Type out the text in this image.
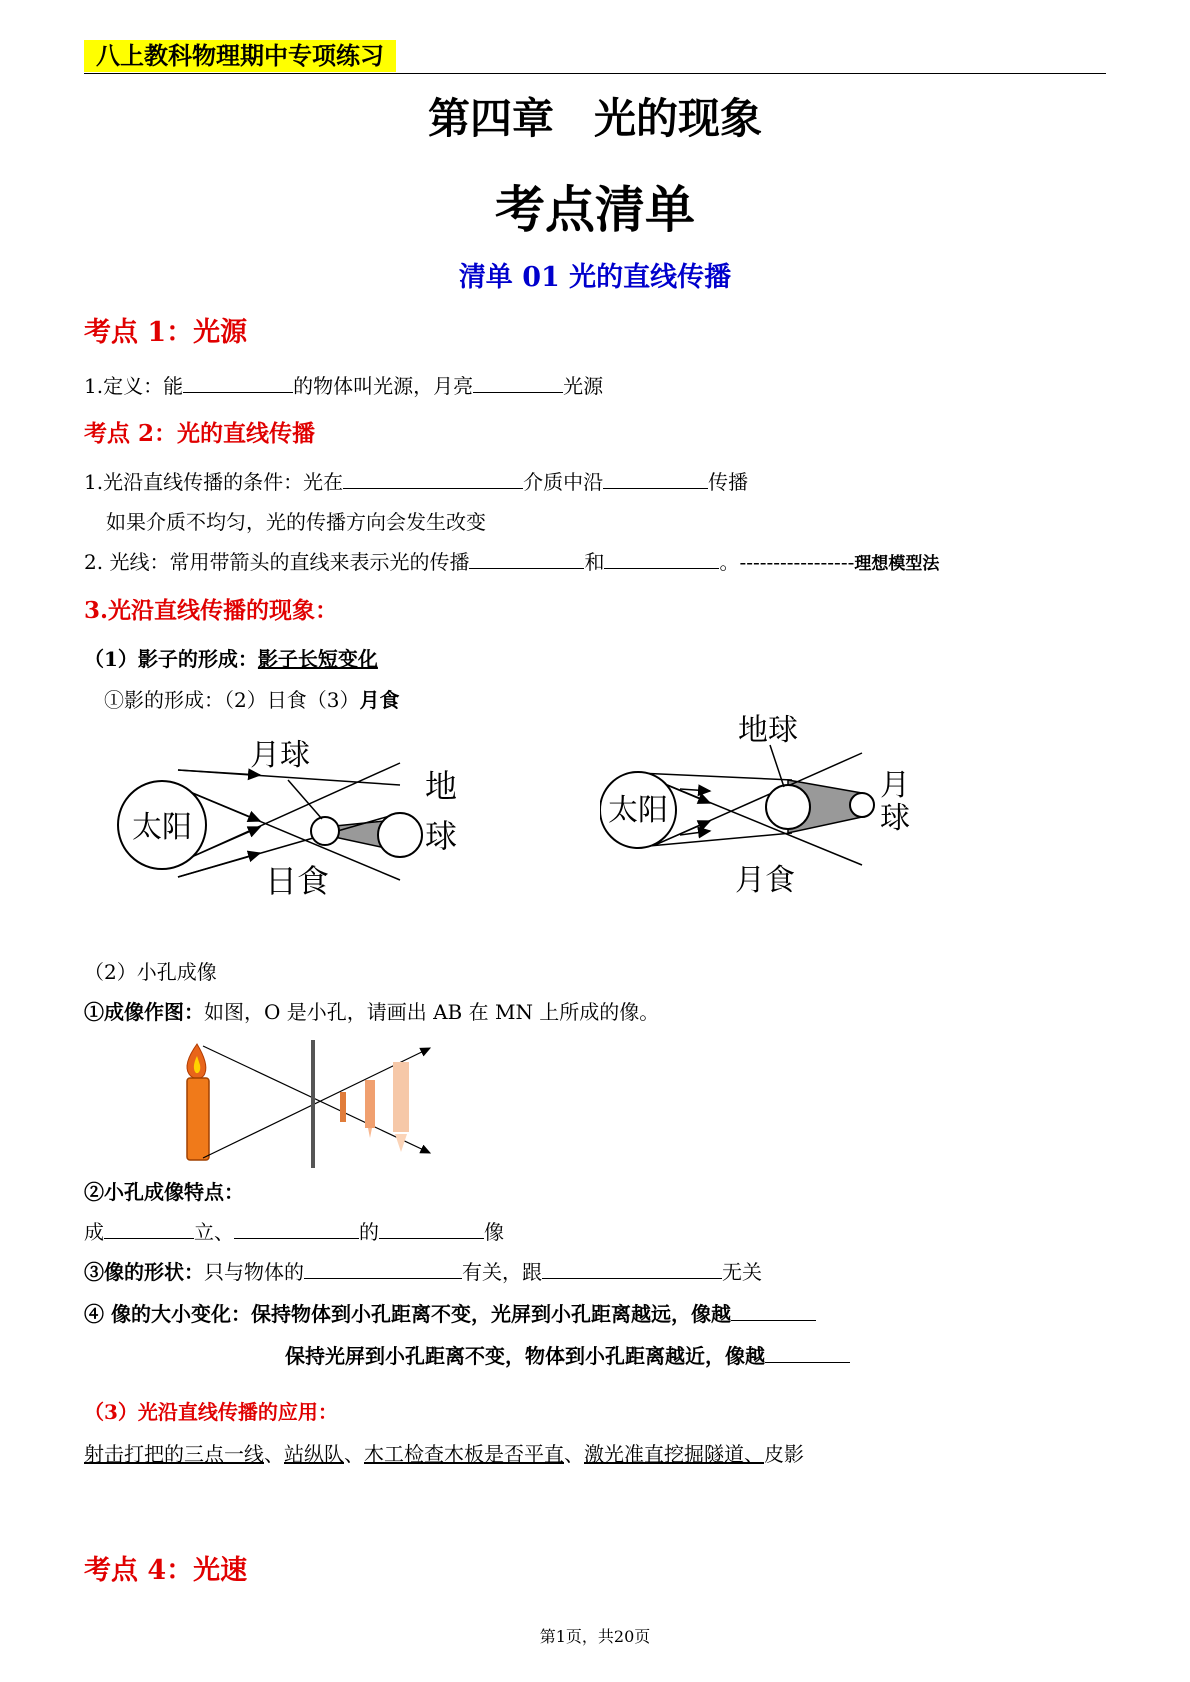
八上教科物理期中专项练习
第四章 光的现象
考点清单
清单 01 光的直线传播
考点 1：光源
1.定义：能	的物体叫光源，月亮	光源
考点 2：光的直线传播
1.光沿直线传播的条件：光在	介质中沿	传播
如果介质不均匀，光的传播方向会发生改变
2. 光线：常用带箭头的直线来表示光的传播	和	。-----------------理想模型法
3.光沿直线传播的现象：
（1）影子的形成：影子长短变化
①影的形成：（2）日食（3）月食
太阳
月球
地
球
日食
太阳
地球
月
球
月食
（2）小孔成像
①成像作图：如图，O 是小孔，请画出 AB 在 MN 上所成的像。
②小孔成像特点：
成	立、	的	像
③像的形状：只与物体的	有关，跟	无关
④ 像的大小变化：保持物体到小孔距离不变，光屏到小孔距离越远，像越
保持光屏到小孔距离不变，物体到小孔距离越近，像越
（3）光沿直线传播的应用：
射击打把的三点一线、站纵队、木工检查木板是否平直、激光准直挖掘隧道、皮影
考点 4：光速
第1页，共20页
